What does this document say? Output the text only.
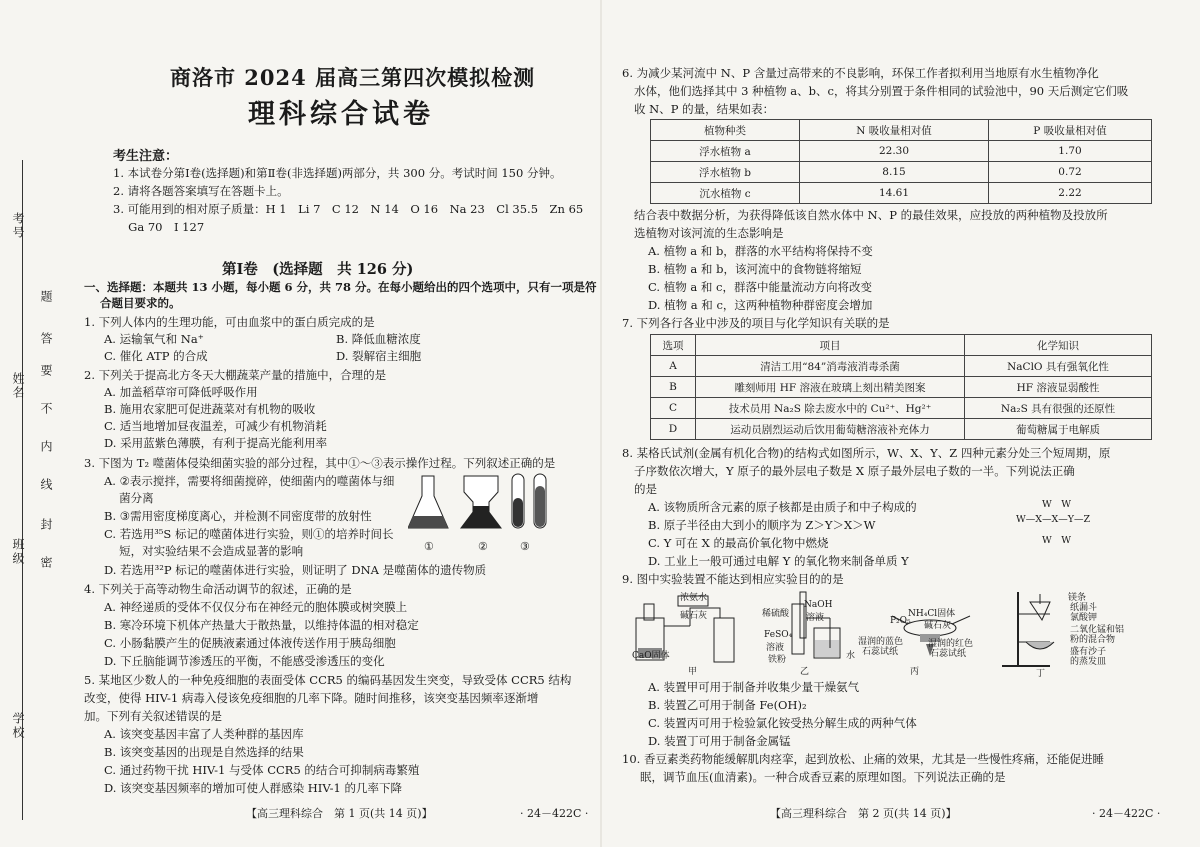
考号
姓名
班级
学校
题
答
要
不
内
线
封
密
商洛市 2024 届高三第四次模拟检测
理科综合试卷
考生注意：
1. 本试卷分第Ⅰ卷(选择题)和第Ⅱ卷(非选择题)两部分，共 300 分。考试时间 150 分钟。
2. 请将各题答案填写在答题卡上。
3. 可能用到的相对原子质量：H 1　Li 7　C 12　N 14　O 16　Na 23　Cl 35.5　Zn 65
　 Ga 70　I 127
第Ⅰ卷　(选择题　共 126 分)
一、选择题：本题共 13 小题，每小题 6 分，共 78 分。在每小题给出的四个选项中，只有一项是符
合题目要求的。
1. 下列人体内的生理功能，可由血浆中的蛋白质完成的是
A. 运输氧气和 Na⁺	B. 降低血糖浓度
C. 催化 ATP 的合成	D. 裂解宿主细胞
2. 下列关于提高北方冬天大棚蔬菜产量的措施中，合理的是
A. 加盖稻草帘可降低呼吸作用
B. 施用农家肥可促进蔬菜对有机物的吸收
C. 适当地增加昼夜温差，可减少有机物消耗
D. 采用蓝紫色薄膜，有利于提高光能利用率
3. 下图为 T₂ 噬菌体侵染细菌实验的部分过程，其中①～③表示操作过程。下列叙述正确的是
A. ②表示搅拌，需要将细菌搅碎，使细菌内的噬菌体与细
　 菌分离
B. ③需用密度梯度离心，并检测不同密度带的放射性
C. 若选用³⁵S 标记的噬菌体进行实验，则①的培养时间长
　 短，对实验结果不会造成显著的影响
D. 若选用³²P 标记的噬菌体进行实验，则证明了 DNA 是噬菌体的遗传物质
①	②	③
4. 下列关于高等动物生命活动调节的叙述，正确的是
A. 神经递质的受体不仅仅分布在神经元的胞体膜或树突膜上
B. 寒冷环境下机体产热量大于散热量，以维持体温的相对稳定
C. 小肠黏膜产生的促胰液素通过体液传送作用于胰岛细胞
D. 下丘脑能调节渗透压的平衡，不能感受渗透压的变化
5. 某地区少数人的一种免疫细胞的表面受体 CCR5 的编码基因发生突变，导致受体 CCR5 结构
改变，使得 HIV-1 病毒入侵该免疫细胞的几率下降。随时间推移，该突变基因频率逐渐增
加。下列有关叙述错误的是
A. 该突变基因丰富了人类种群的基因库
B. 该突变基因的出现是自然选择的结果
C. 通过药物干扰 HIV-1 与受体 CCR5 的结合可抑制病毒繁殖
D. 该突变基因频率的增加可使人群感染 HIV-1 的几率下降
【高三理科综合　第 1 页(共 14 页)】	· 24－422C ·
6. 为减少某河流中 N、P 含量过高带来的不良影响，环保工作者拟利用当地原有水生植物净化
水体，他们选择其中 3 种植物 a、b、c，将其分别置于条件相同的试验池中，90 天后测定它们吸
收 N、P 的量，结果如表：
植物种类	N 吸收量相对值	P 吸收量相对值
浮水植物 a	22.30	1.70
浮水植物 b	8.15	0.72
沉水植物 c	14.61	2.22
结合表中数据分析，为获得降低该自然水体中 N、P 的最佳效果，应投放的两种植物及投放所
选植物对该河流的生态影响是
A. 植物 a 和 b，群落的水平结构将保持不变
B. 植物 a 和 b，该河流中的食物链将缩短
C. 植物 a 和 c，群落中能量流动方向将改变
D. 植物 a 和 c，这两种植物种群密度会增加
7. 下列各行各业中涉及的项目与化学知识有关联的是
选项	项目	化学知识
A	清洁工用“84”消毒液消毒杀菌	NaClO 具有强氧化性
B	雕刻师用 HF 溶液在玻璃上刻出精美图案	HF 溶液显弱酸性
C	技术员用 Na₂S 除去废水中的 Cu²⁺、Hg²⁺	Na₂S 具有很强的还原性
D	运动员剧烈运动后饮用葡萄糖溶液补充体力	葡萄糖属于电解质
8. 某格氏试剂(金属有机化合物)的结构式如图所示，W、X、Y、Z 四种元素分处三个短周期，原
子序数依次增大，Y 原子的最外层电子数是 X 原子最外层电子数的一半。下列说法正确
的是
A. 该物质所含元素的原子核都是由质子和中子构成的
B. 原子半径由大到小的顺序为 Z＞Y＞X＞W
C. Y 可在 X 的最高价氧化物中燃烧
D. 工业上一般可通过电解 Y 的氧化物来制备单质 Y
W　W
W—X—X—Y—Z
W　W
9. 图中实验装置不能达到相应实验目的的是
浓氨水
碱石灰
CaO固体
甲
稀硫酸
NaOH
溶液
FeSO₄
溶液
铁粉	水
乙
NH₄Cl固体
P₂O₅ 碱石灰
湿润的蓝色
石蕊试纸
湿润的红色
石蕊试纸
丙
镁条
纸漏斗
氯酸钾
二氧化锰和铝
粉的混合物
盛有沙子
的蒸发皿
丁
A. 装置甲可用于制备并收集少量干燥氨气
B. 装置乙可用于制备 Fe(OH)₂
C. 装置丙可用于检验氯化铵受热分解生成的两种气体
D. 装置丁可用于制备金属锰
10. 香豆素类药物能缓解肌肉痉挛，起到放松、止痛的效果，尤其是一些慢性疼痛，还能促进睡
眠，调节血压(血清素)。一种合成香豆素的原理如图。下列说法正确的是
【高三理科综合　第 2 页(共 14 页)】	· 24－422C ·
